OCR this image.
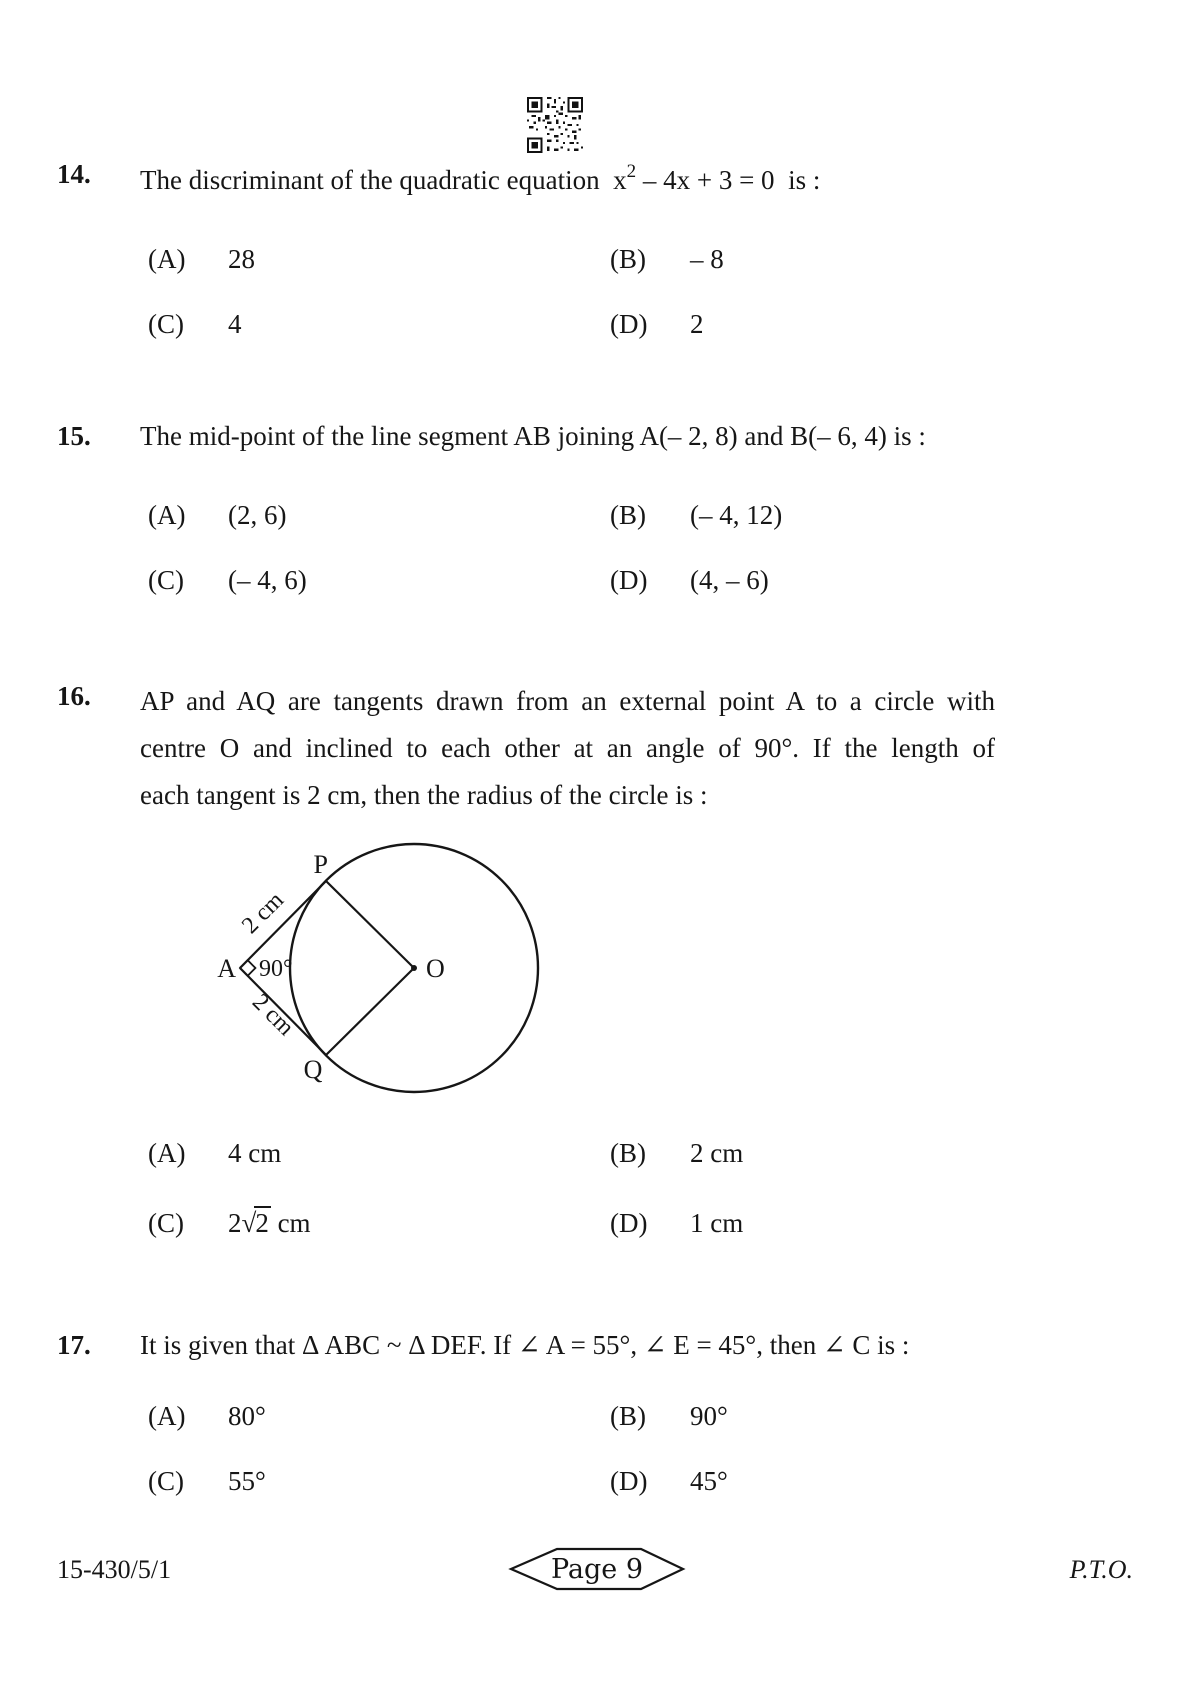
14. The discriminant of the quadratic equation $x^2 - 4x + 3 = 0$ is :
(A)	28	(B)	– 8
(C)	4	(D)	2
15. The mid-point of the line segment AB joining A(– 2, 8) and B(– 6, 4) is :
(A)	(2, 6)	(B)	(– 4, 12)
(C)	(– 4, 6)	(D)	(4, – 6)
16. AP and AQ are tangents drawn from an external point A to a circle with
centre O and inclined to each other at an angle of 90°. If the length of
each tangent is 2 cm, then the radius of the circle is :
A
P
Q
O
90°
2 cm
2 cm
(A)	4 cm	(B)	2 cm
(C)	2√2 cm	(D)	1 cm
17. It is given that Δ ABC ~ Δ DEF. If ∠ A = 55°, ∠ E = 45°, then ∠ C is :
(A)	80°	(B)	90°
(C)	55°	(D)	45°
15-430/5/1	Page 9	P.T.O.
